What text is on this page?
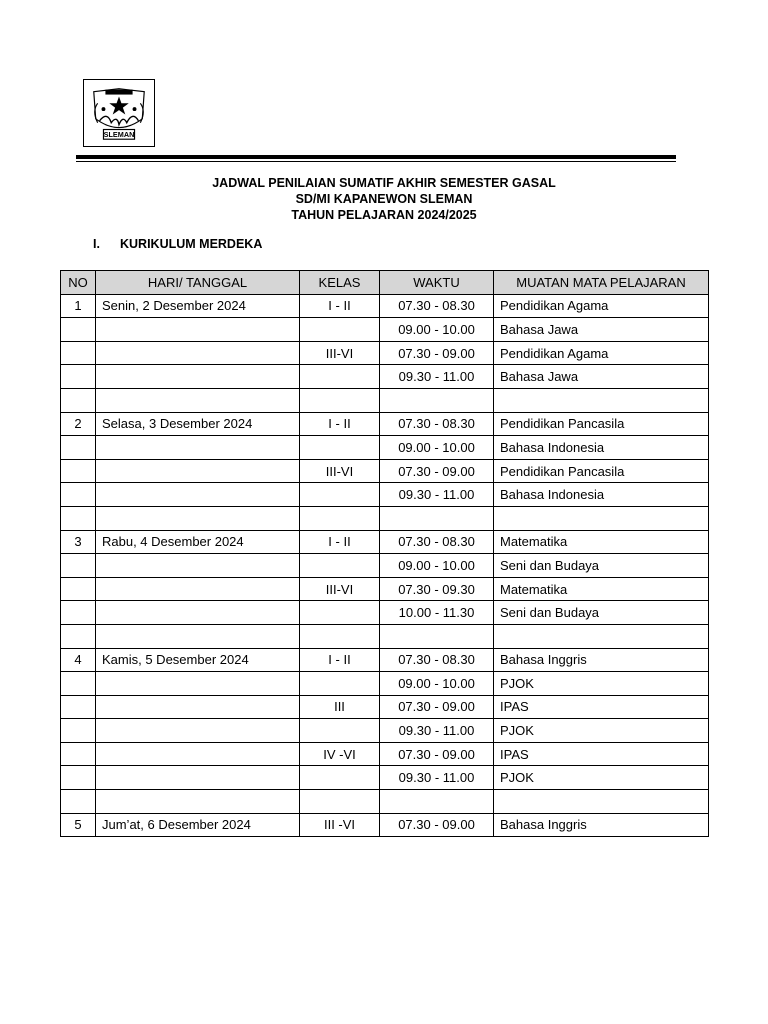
SLEMAN
JADWAL PENILAIAN SUMATIF AKHIR SEMESTER GASAL
SD/MI KAPANEWON SLEMAN
TAHUN PELAJARAN 2024/2025
I. KURIKULUM MERDEKA
NO	HARI/ TANGGAL	KELAS	WAKTU	MUATAN MATA PELAJARAN
1	Senin, 2 Desember 2024	I - II	07.30 - 08.30	Pendidikan Agama
			09.00 - 10.00	Bahasa Jawa
		III-VI	07.30 - 09.00	Pendidikan Agama
			09.30 - 11.00	Bahasa Jawa

2	Selasa, 3 Desember 2024	I - II	07.30 - 08.30	Pendidikan Pancasila
			09.00 - 10.00	Bahasa Indonesia
		III-VI	07.30 - 09.00	Pendidikan Pancasila
			09.30 - 11.00	Bahasa Indonesia

3	Rabu, 4 Desember 2024	I - II	07.30 - 08.30	Matematika
			09.00 - 10.00	Seni dan Budaya
		III-VI	07.30 - 09.30	Matematika
			10.00 - 11.30	Seni dan Budaya

4	Kamis, 5 Desember 2024	I - II	07.30 - 08.30	Bahasa Inggris
			09.00 - 10.00	PJOK
		III	07.30 - 09.00	IPAS
			09.30 - 11.00	PJOK
		IV -VI	07.30 - 09.00	IPAS
			09.30 - 11.00	PJOK

5	Jum’at, 6 Desember 2024	III -VI	07.30 - 09.00	Bahasa Inggris
